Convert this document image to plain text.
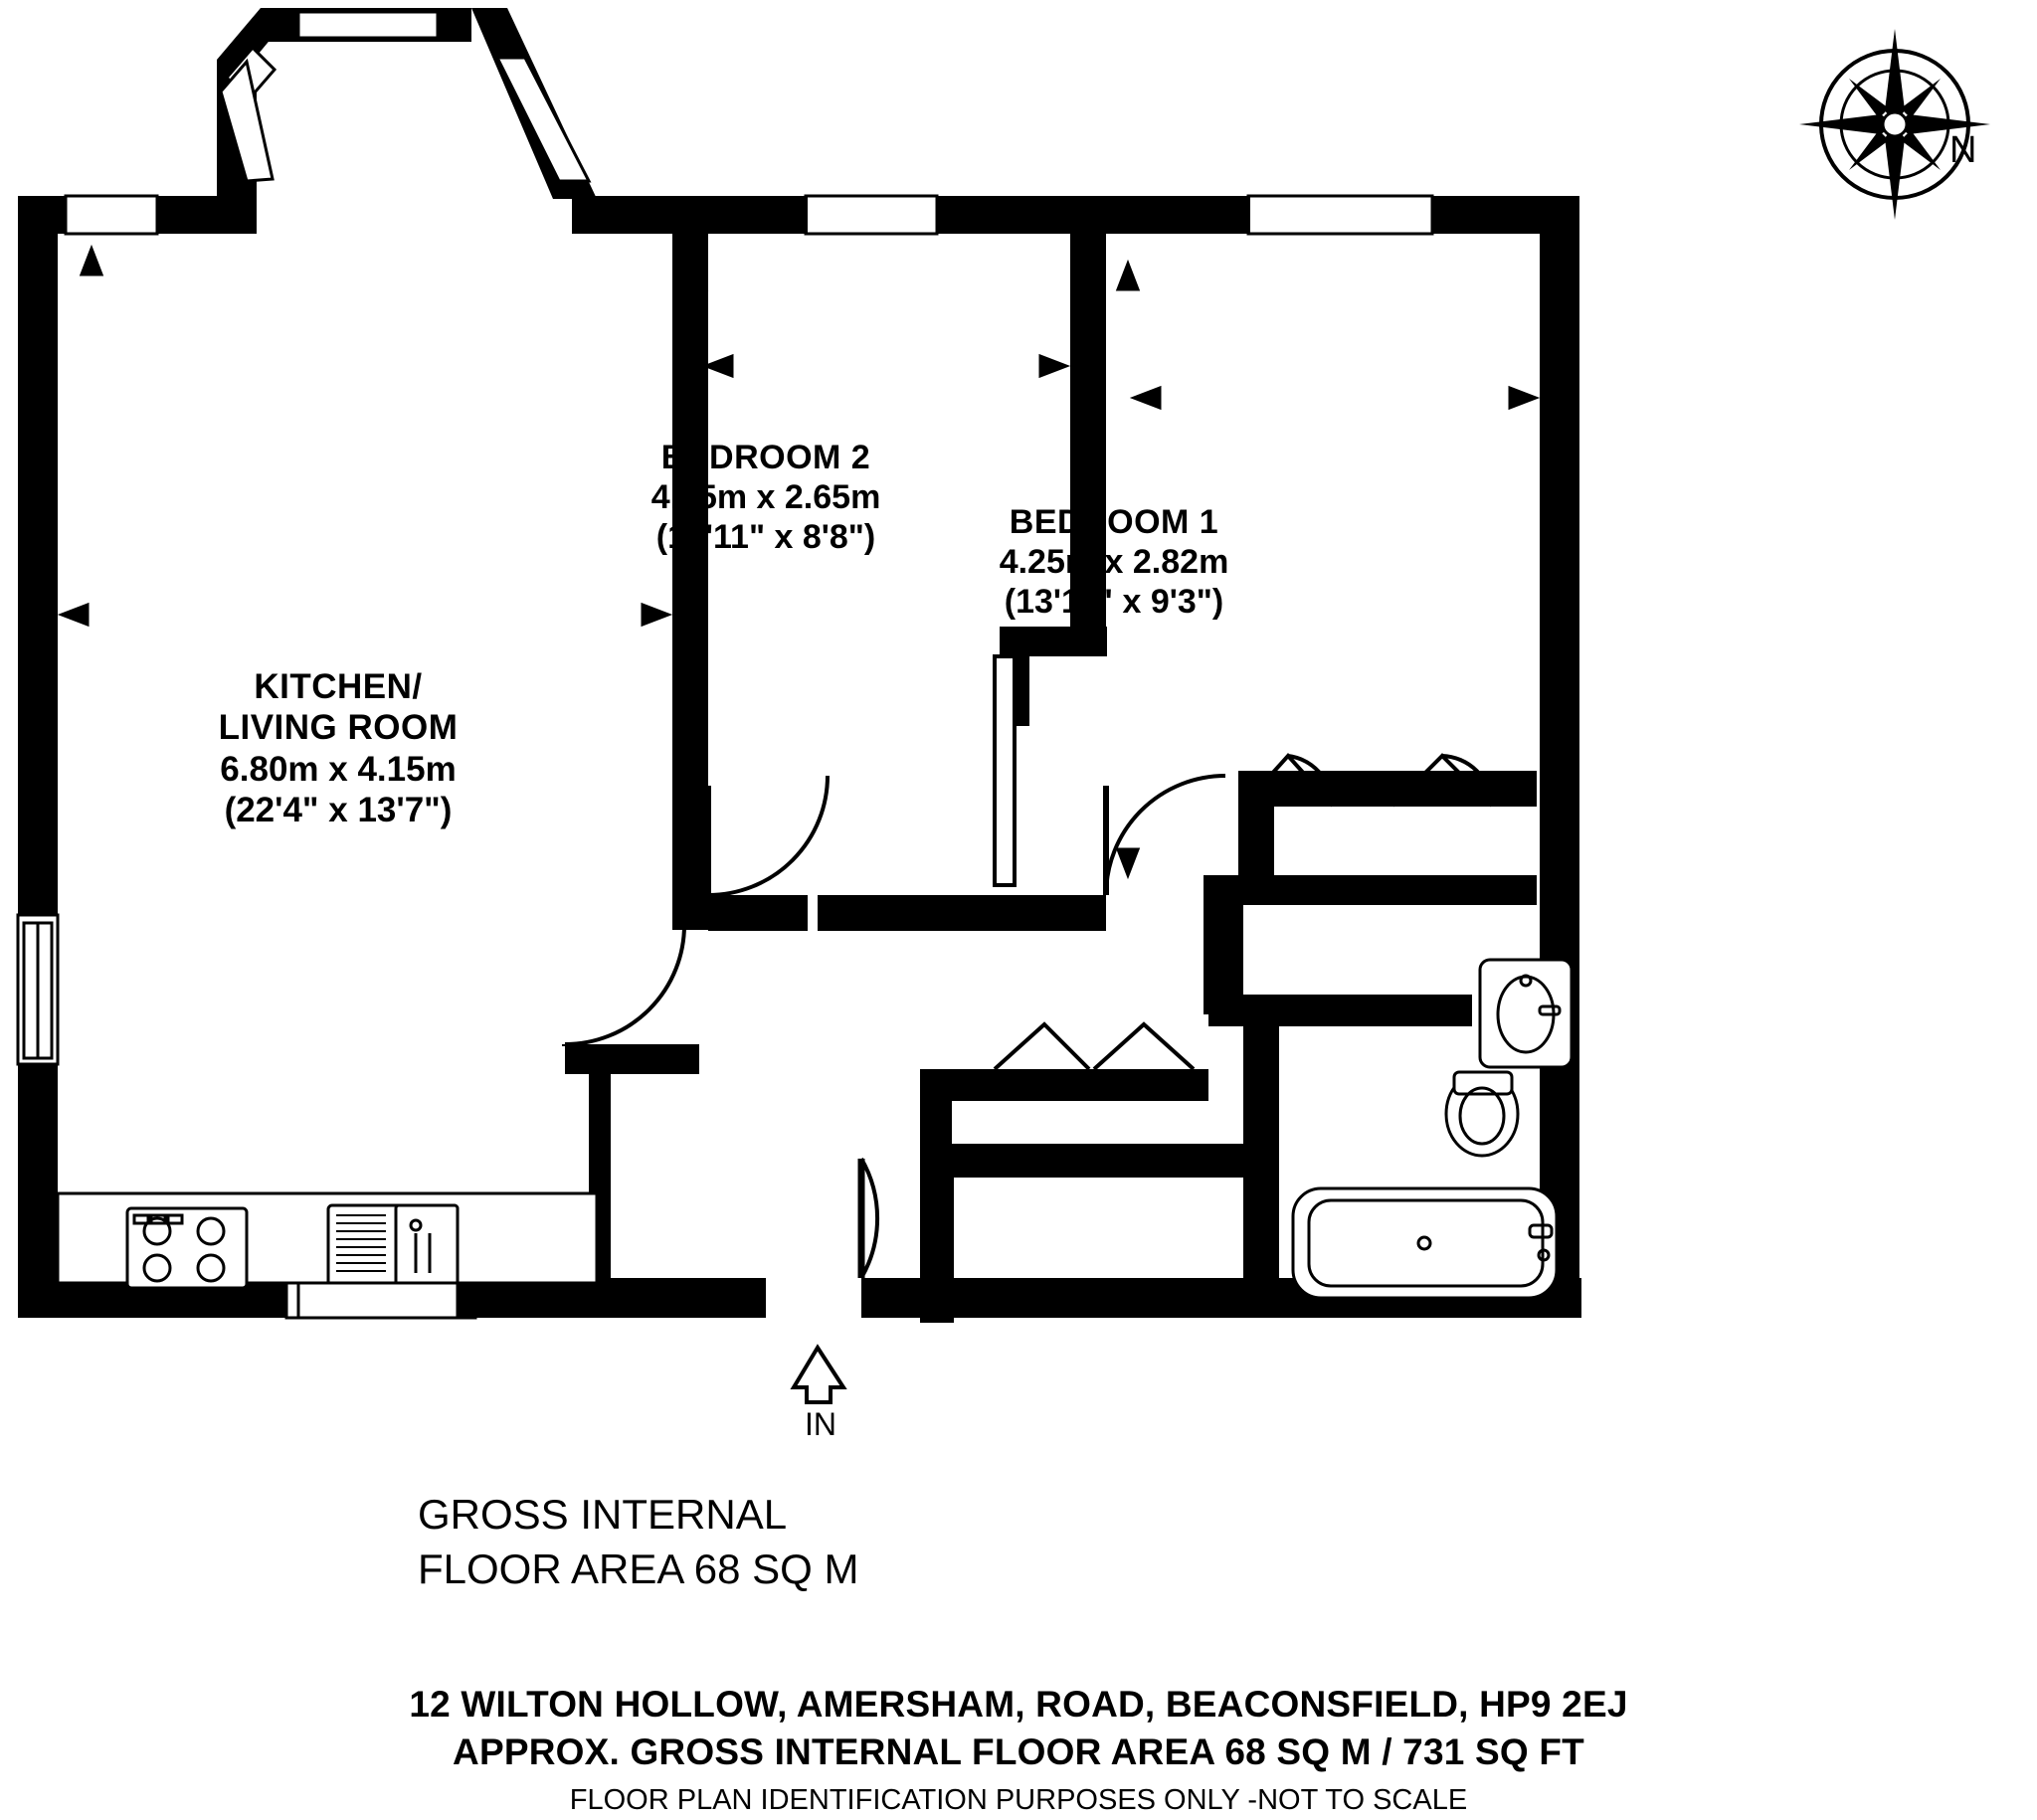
KITCHEN/
LIVING ROOM
6.80m x 4.15m
(22'4" x 13'7")
BEDROOM 2
4.25m x 2.65m
(13'11" x 8'8")	BEDROOM 1
4.25m x 2.82m
(13'11" x 9'3")
IN
N
GROSS INTERNAL
FLOOR AREA 68 SQ M
12 WILTON HOLLOW, AMERSHAM, ROAD, BEACONSFIELD, HP9 2EJ
APPROX. GROSS INTERNAL FLOOR AREA 68 SQ M / 731 SQ FT
FLOOR PLAN IDENTIFICATION PURPOSES ONLY -NOT TO SCALE
